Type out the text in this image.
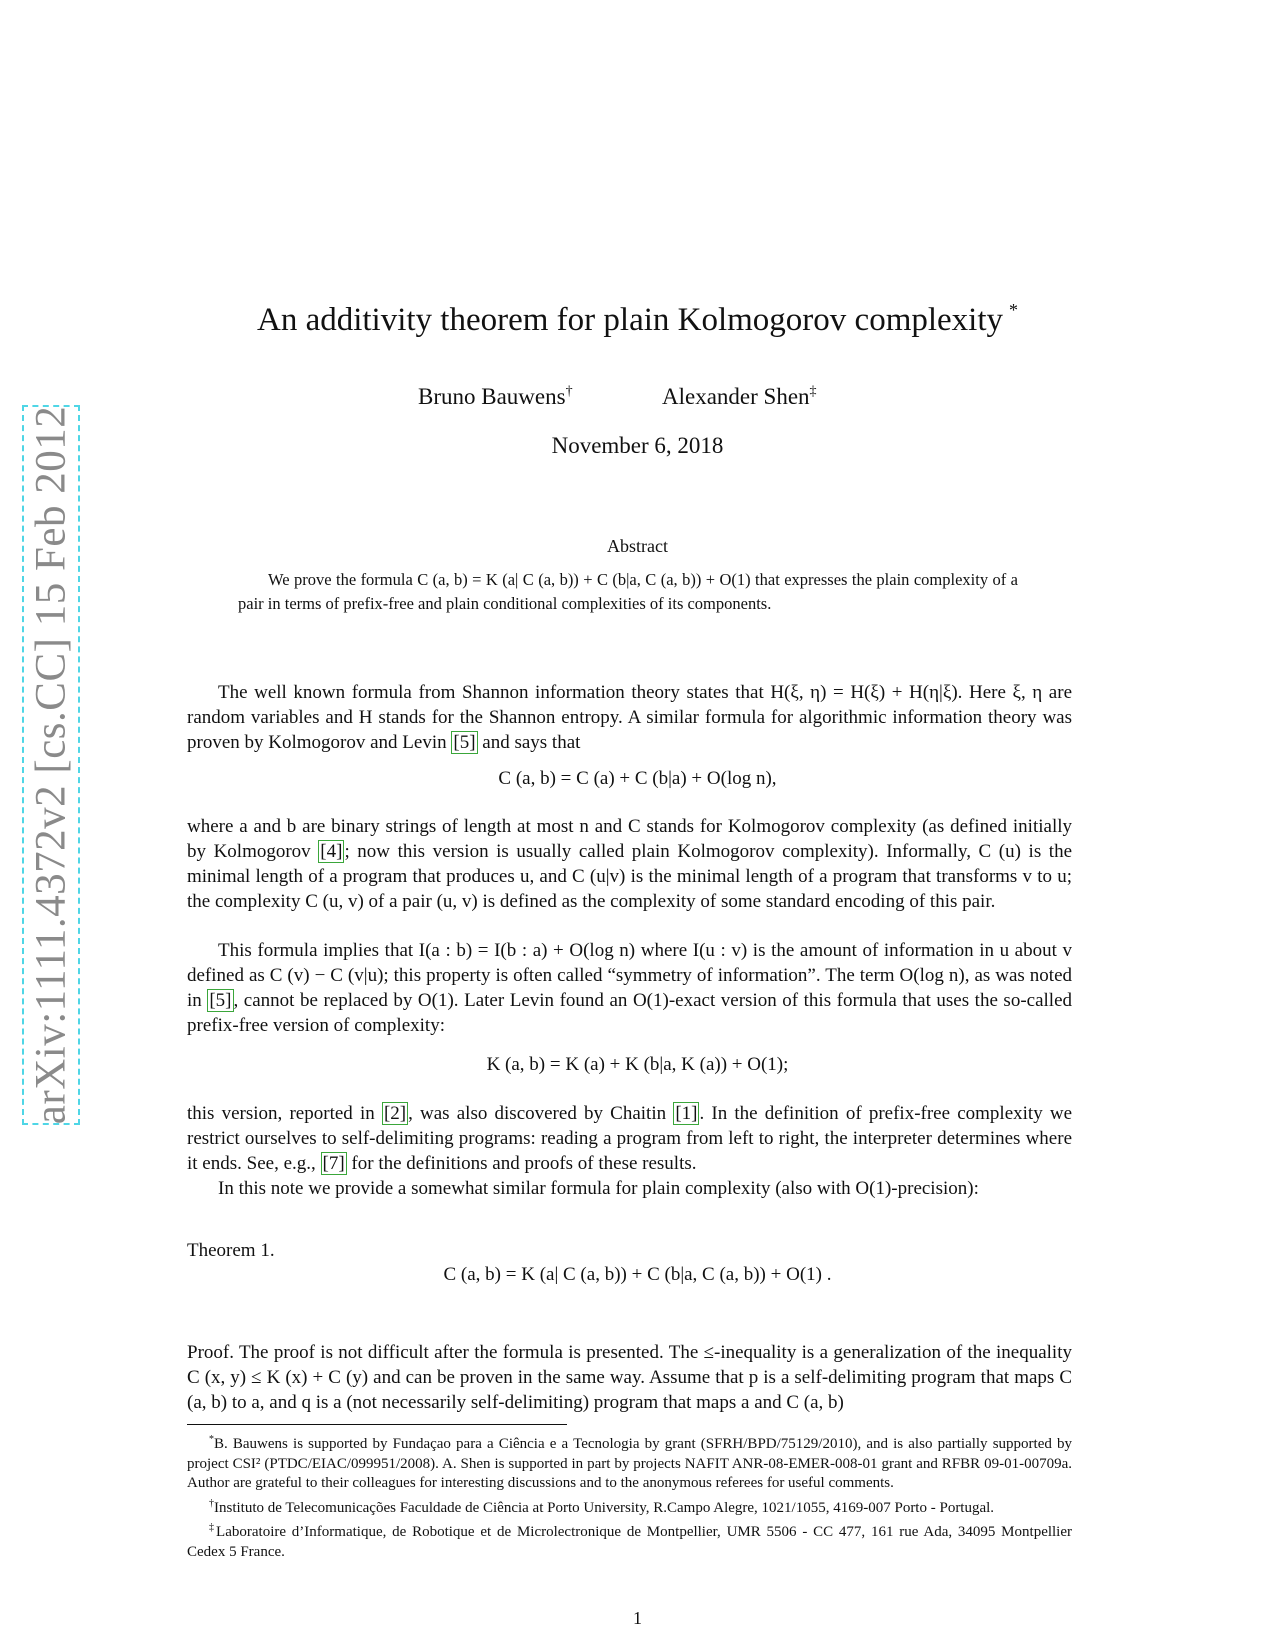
arXiv:1111.4372v2 [cs.CC] 15 Feb 2012
An additivity theorem for plain Kolmogorov complexity *
Bruno Bauwens†	Alexander Shen‡
November 6, 2018
Abstract
We prove the formula C (a, b) = K (a| C (a, b)) + C (b|a, C (a, b)) + O(1) that expresses the plain complexity of a pair in terms of prefix-free and plain conditional complexities of its components.

The well known formula from Shannon information theory states that H(ξ, η) = H(ξ) + H(η|ξ). Here ξ, η are random variables and H stands for the Shannon entropy. A similar formula for algorithmic information theory was proven by Kolmogorov and Levin [5] and says that

C (a, b) = C (a) + C (b|a) + O(log n),

where a and b are binary strings of length at most n and C stands for Kolmogorov complexity (as defined initially by Kolmogorov [4] ; now this version is usually called plain Kolmogorov complexity). Informally, C (u) is the minimal length of a program that produces u, and C (u|v) is the minimal length of a program that transforms v to u; the complexity C (u, v) of a pair (u, v) is defined as the complexity of some standard encoding of this pair.

This formula implies that I(a : b) = I(b : a) + O(log n) where I(u : v) is the amount of information in u about v defined as C (v) − C (v|u); this property is often called “symmetry of information”. The term O(log n), as was noted in [5] , cannot be replaced by O(1). Later Levin found an O(1)-exact version of this formula that uses the so-called prefix-free version of complexity:

K (a, b) = K (a) + K (b|a, K (a)) + O(1);

this version, reported in [2] , was also discovered by Chaitin [1] . In the definition of prefix-free complexity we restrict ourselves to self-delimiting programs: reading a program from left to right, the interpreter determines where it ends. See, e.g., [7] for the definitions and proofs of these results.

In this note we provide a somewhat similar formula for plain complexity (also with O(1)-precision):

Theorem 1.
C (a, b) = K (a| C (a, b)) + C (b|a, C (a, b)) + O(1) .

Proof. The proof is not difficult after the formula is presented. The ≤-inequality is a generalization of the inequality C (x, y) ≤ K (x) + C (y) and can be proven in the same way. Assume that p is a self-delimiting program that maps C (a, b) to a, and q is a (not necessarily self-delimiting) program that maps a and C (a, b)

*B. Bauwens is supported by Fundaçao para a Ciência e a Tecnologia by grant (SFRH/BPD/75129/2010), and is also partially supported by project CSI² (PTDC/EIAC/099951/2008). A. Shen is supported in part by projects NAFIT ANR-08-EMER-008-01 grant and RFBR 09-01-00709a. Author are grateful to their colleagues for interesting discussions and to the anonymous referees for useful comments.

†Instituto de Telecomunicações Faculdade de Ciência at Porto University, R.Campo Alegre, 1021/1055, 4169-007 Porto - Portugal.

‡Laboratoire d’Informatique, de Robotique et de Microlectronique de Montpellier, UMR 5506 - CC 477, 161 rue Ada, 34095 Montpellier Cedex 5 France.

1
